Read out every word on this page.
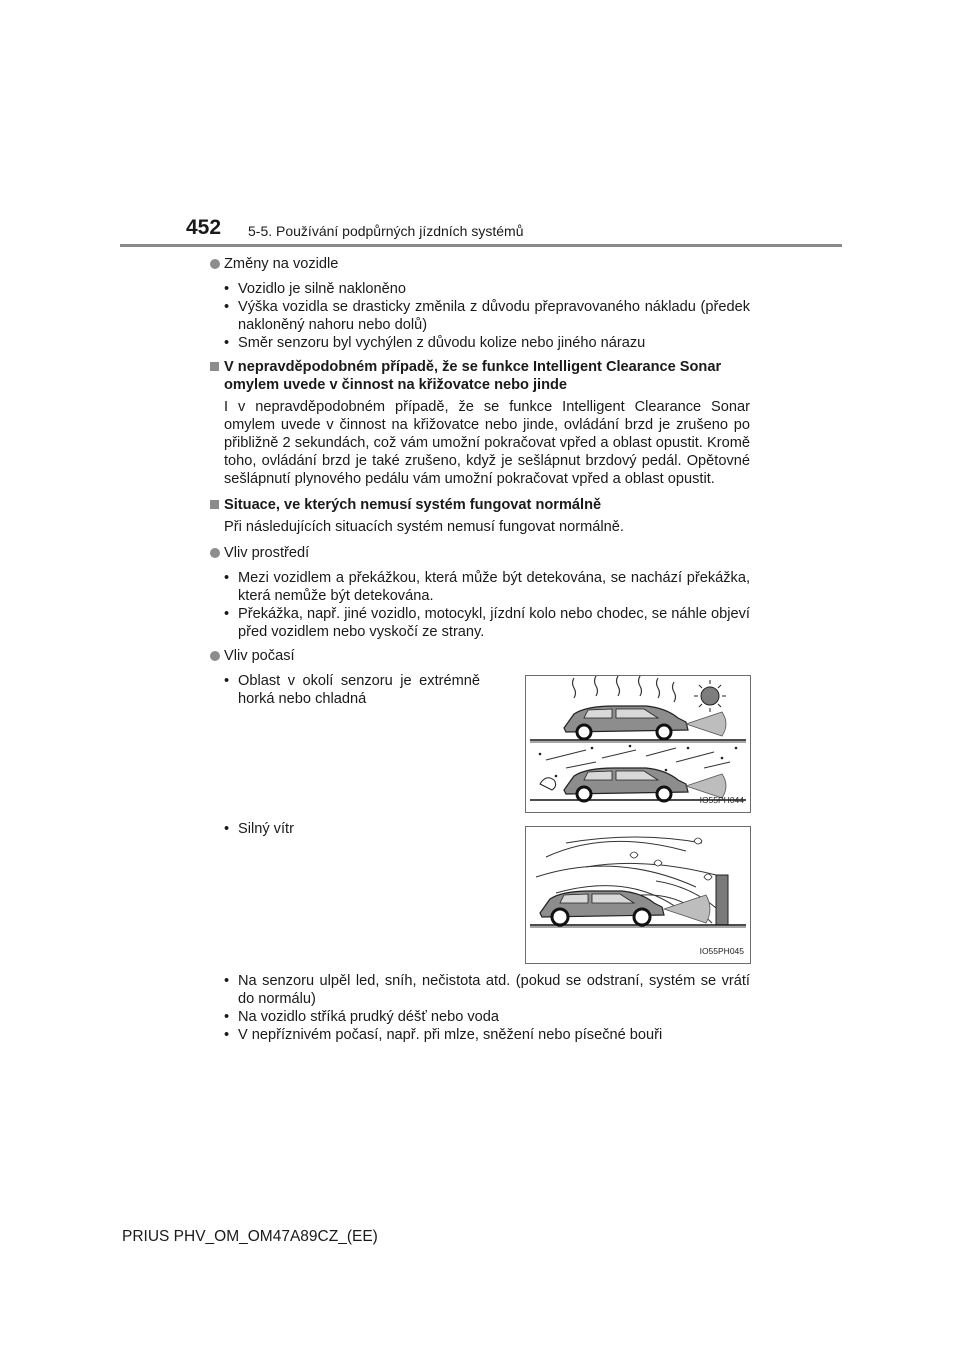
452 5-5. Používání podpůrných jízdních systémů
Změny na vozidle
• Vozidlo je silně nakloněno
• Výška vozidla se drasticky změnila z důvodu přepravovaného nákladu (předek nakloněný nahoru nebo dolů)
• Směr senzoru byl vychýlen z důvodu kolize nebo jiného nárazu
V nepravděpodobném případě, že se funkce Intelligent Clearance Sonar omylem uvede v činnost na křižovatce nebo jinde
I v nepravděpodobném případě, že se funkce Intelligent Clearance Sonar omylem uvede v činnost na křižovatce nebo jinde, ovládání brzd je zrušeno po přibližně 2 sekundách, což vám umožní pokračovat vpřed a oblast opustit. Kromě toho, ovládání brzd je také zrušeno, když je sešlápnut brzdový pedál. Opětovné sešlápnutí plynového pedálu vám umožní pokračovat vpřed a oblast opustit.
Situace, ve kterých nemusí systém fungovat normálně
Při následujících situacích systém nemusí fungovat normálně.
Vliv prostředí
• Mezi vozidlem a překážkou, která může být detekována, se nachází překážka, která nemůže být detekována.
• Překážka, např. jiné vozidlo, motocykl, jízdní kolo nebo chodec, se náhle objeví před vozidlem nebo vyskočí ze strany.
Vliv počasí
• Oblast v okolí senzoru je extrémně horká nebo chladná
IO55PH044
• Silný vítr
IO55PH045
• Na senzoru ulpěl led, sníh, nečistota atd. (pokud se odstraní, systém se vrátí do normálu)
• Na vozidlo stříká prudký déšť nebo voda
• V nepříznivém počasí, např. při mlze, sněžení nebo písečné bouři
PRIUS PHV_OM_OM47A89CZ_(EE)
